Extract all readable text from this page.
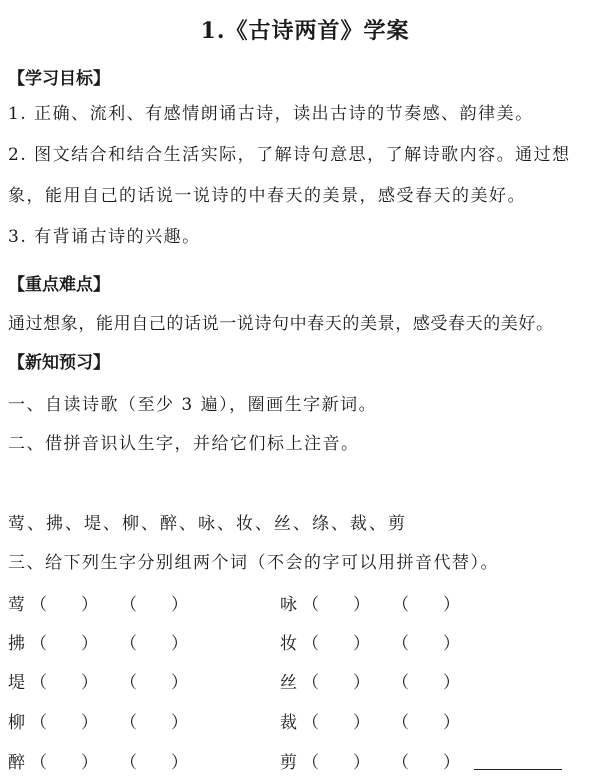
1.《古诗两首》学案
【学习目标】
1. 正确、流利、有感情朗诵古诗，读出古诗的节奏感、韵律美。
2. 图文结合和结合生活实际，了解诗句意思，了解诗歌内容。通过想
象，能用自己的话说一说诗的中春天的美景，感受春天的美好。
3. 有背诵古诗的兴趣。
【重点难点】
通过想象，能用自己的话说一说诗句中春天的美景，感受春天的美好。
【新知预习】
一、自读诗歌（至少 3 遍），圈画生字新词。
二、借拼音识认生字，并给它们标上注音。
莺、拂、堤、柳、醉、咏、妆、丝、绦、裁、剪
三、给下列生字分别组两个词（不会的字可以用拼音代替）。
莺 （　　） （　　）	咏 （　　） （　　）
拂 （　　） （　　）	妆 （　　） （　　）
堤 （　　） （　　）	丝 （　　） （　　）
柳 （　　） （　　）	裁 （　　） （　　）
醉 （　　） （　　）	剪 （　　） （　　）
